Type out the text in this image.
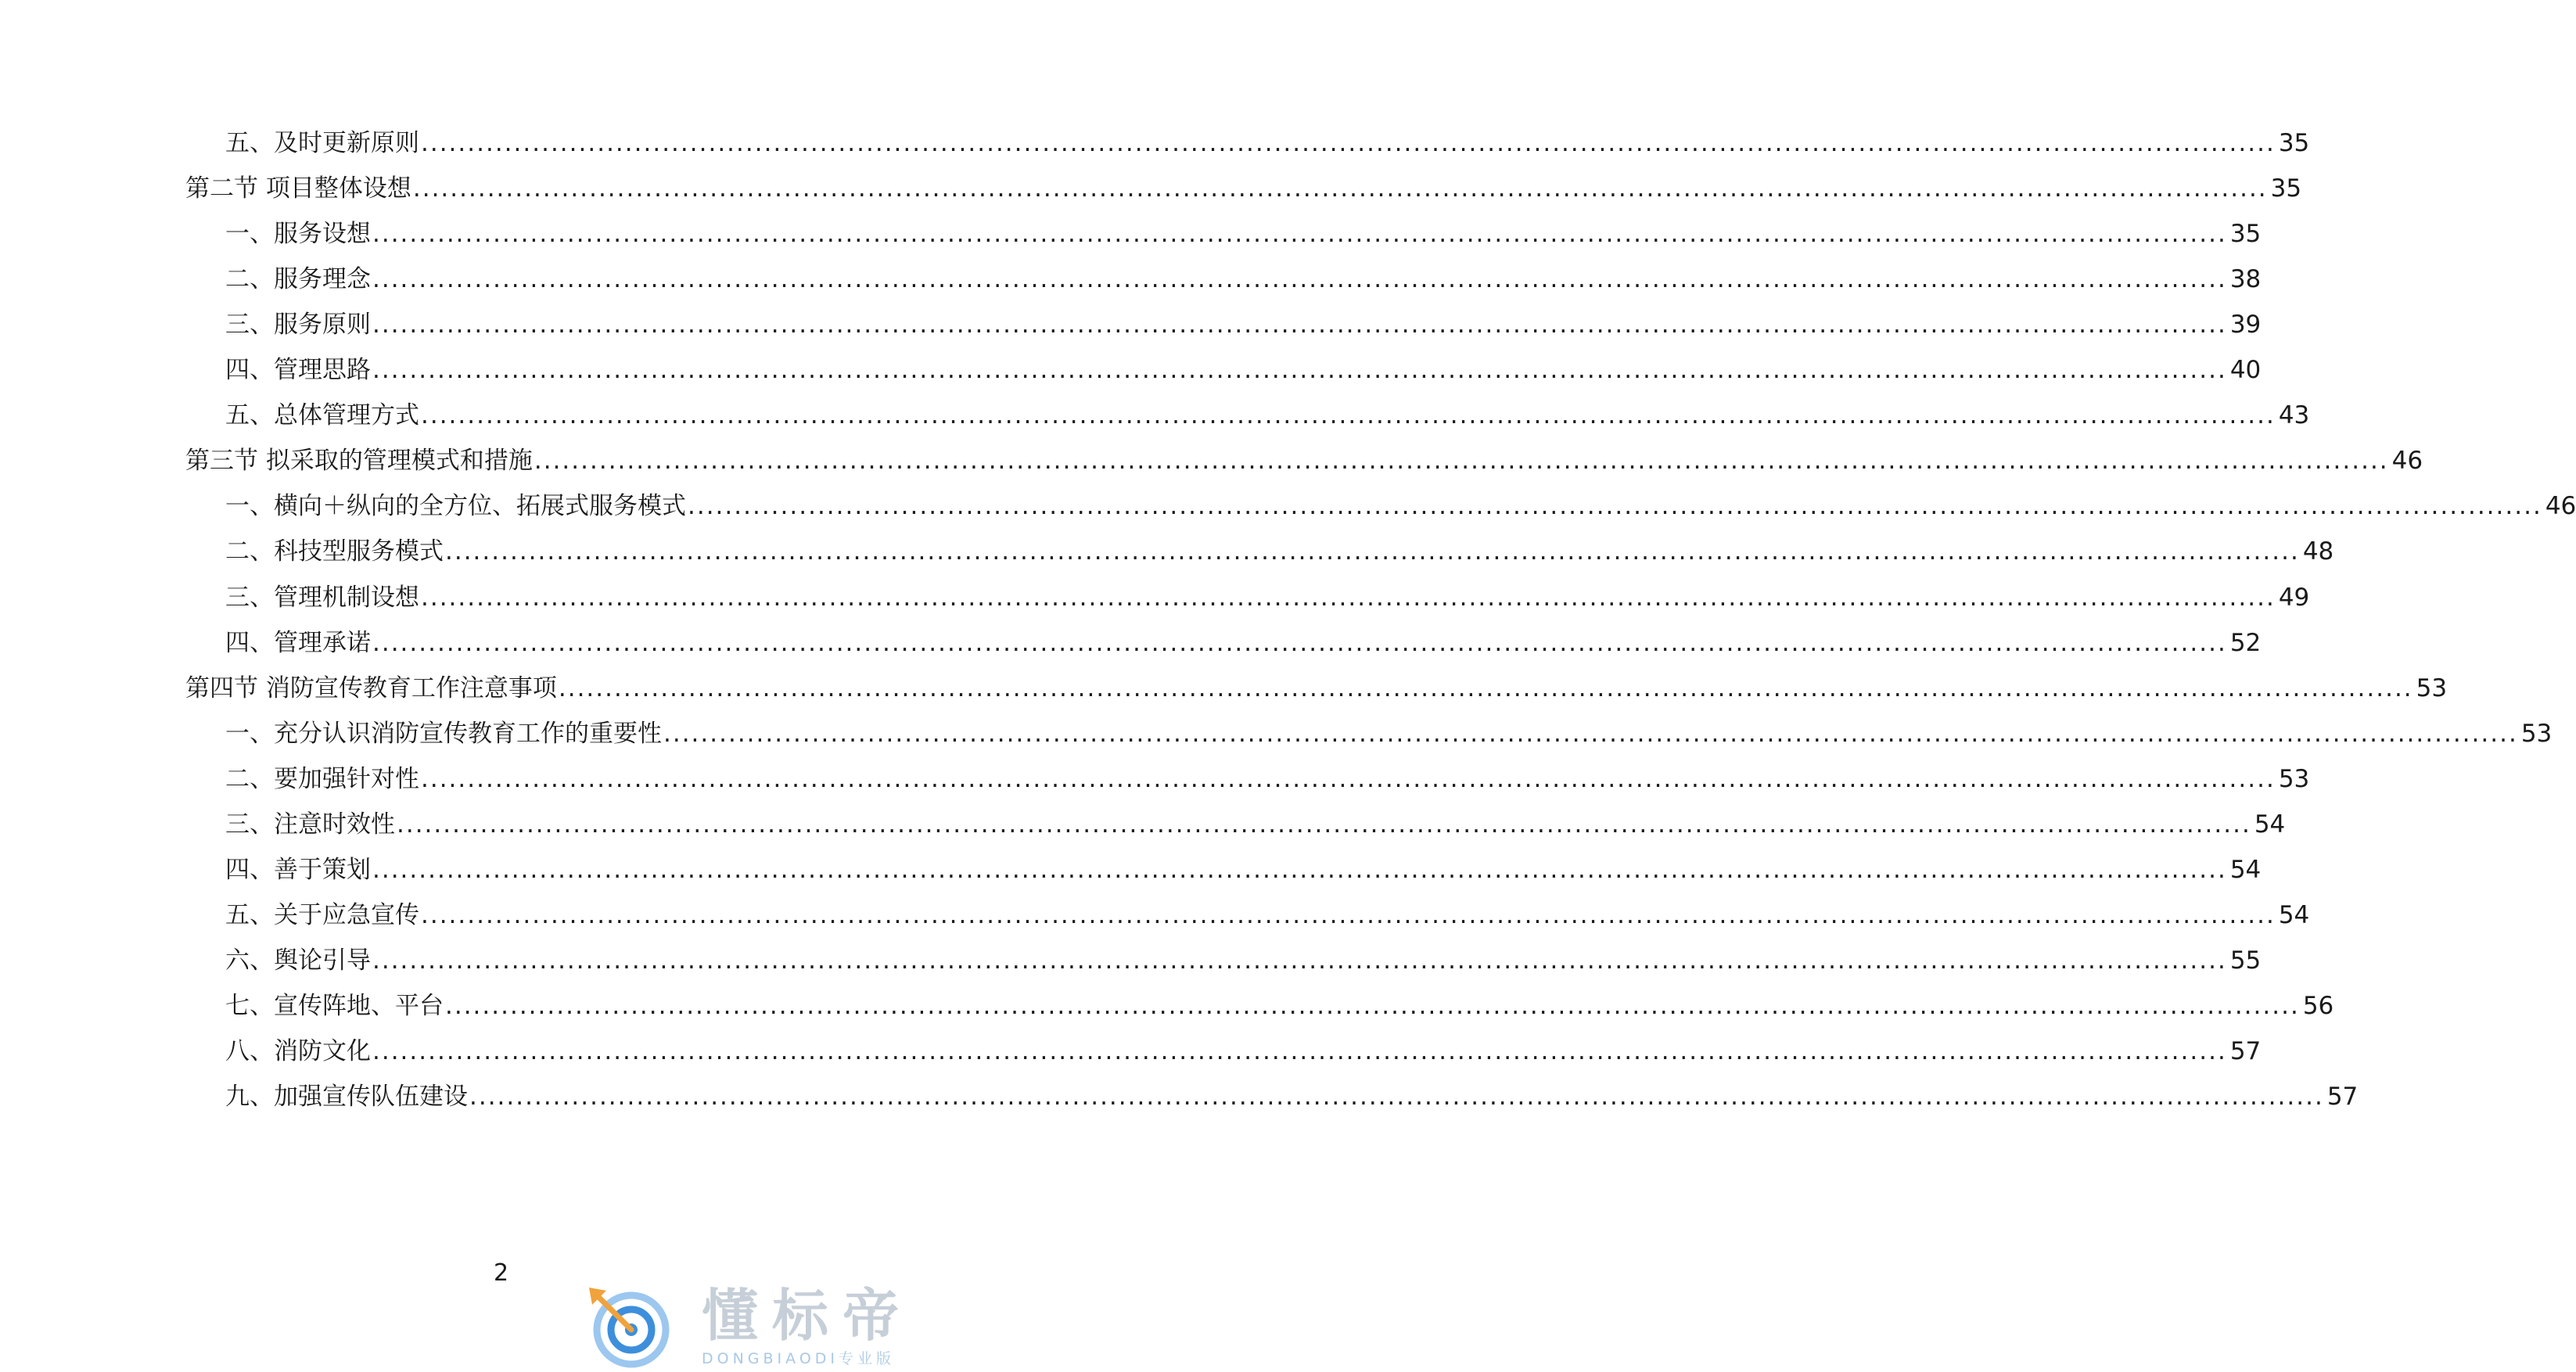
五、及时更新原则 ........................................................................................................................................................................................................ 35
第二节 项目整体设想 ........................................................................................................................................................................................................ 35
一、服务设想 ........................................................................................................................................................................................................ 35
二、服务理念 ........................................................................................................................................................................................................ 38
三、服务原则 ........................................................................................................................................................................................................ 39
四、管理思路 ........................................................................................................................................................................................................ 40
五、总体管理方式 ........................................................................................................................................................................................................ 43
第三节 拟采取的管理模式和措施 ........................................................................................................................................................................................................ 46
一、横向＋纵向的全方位、拓展式服务模式 ........................................................................................................................................................................................................ 46
二、科技型服务模式 ........................................................................................................................................................................................................ 48
三、管理机制设想 ........................................................................................................................................................................................................ 49
四、管理承诺 ........................................................................................................................................................................................................ 52
第四节 消防宣传教育工作注意事项 ........................................................................................................................................................................................................ 53
一、充分认识消防宣传教育工作的重要性 ........................................................................................................................................................................................................ 53
二、要加强针对性 ........................................................................................................................................................................................................ 53
三、注意时效性 ........................................................................................................................................................................................................ 54
四、善于策划 ........................................................................................................................................................................................................ 54
五、关于应急宣传 ........................................................................................................................................................................................................ 54
六、舆论引导 ........................................................................................................................................................................................................ 55
七、宣传阵地、平台 ........................................................................................................................................................................................................ 56
八、消防文化 ........................................................................................................................................................................................................ 57
九、加强宣传队伍建设 ........................................................................................................................................................................................................ 57
2
懂标帝
DONGBIAODI专业版
